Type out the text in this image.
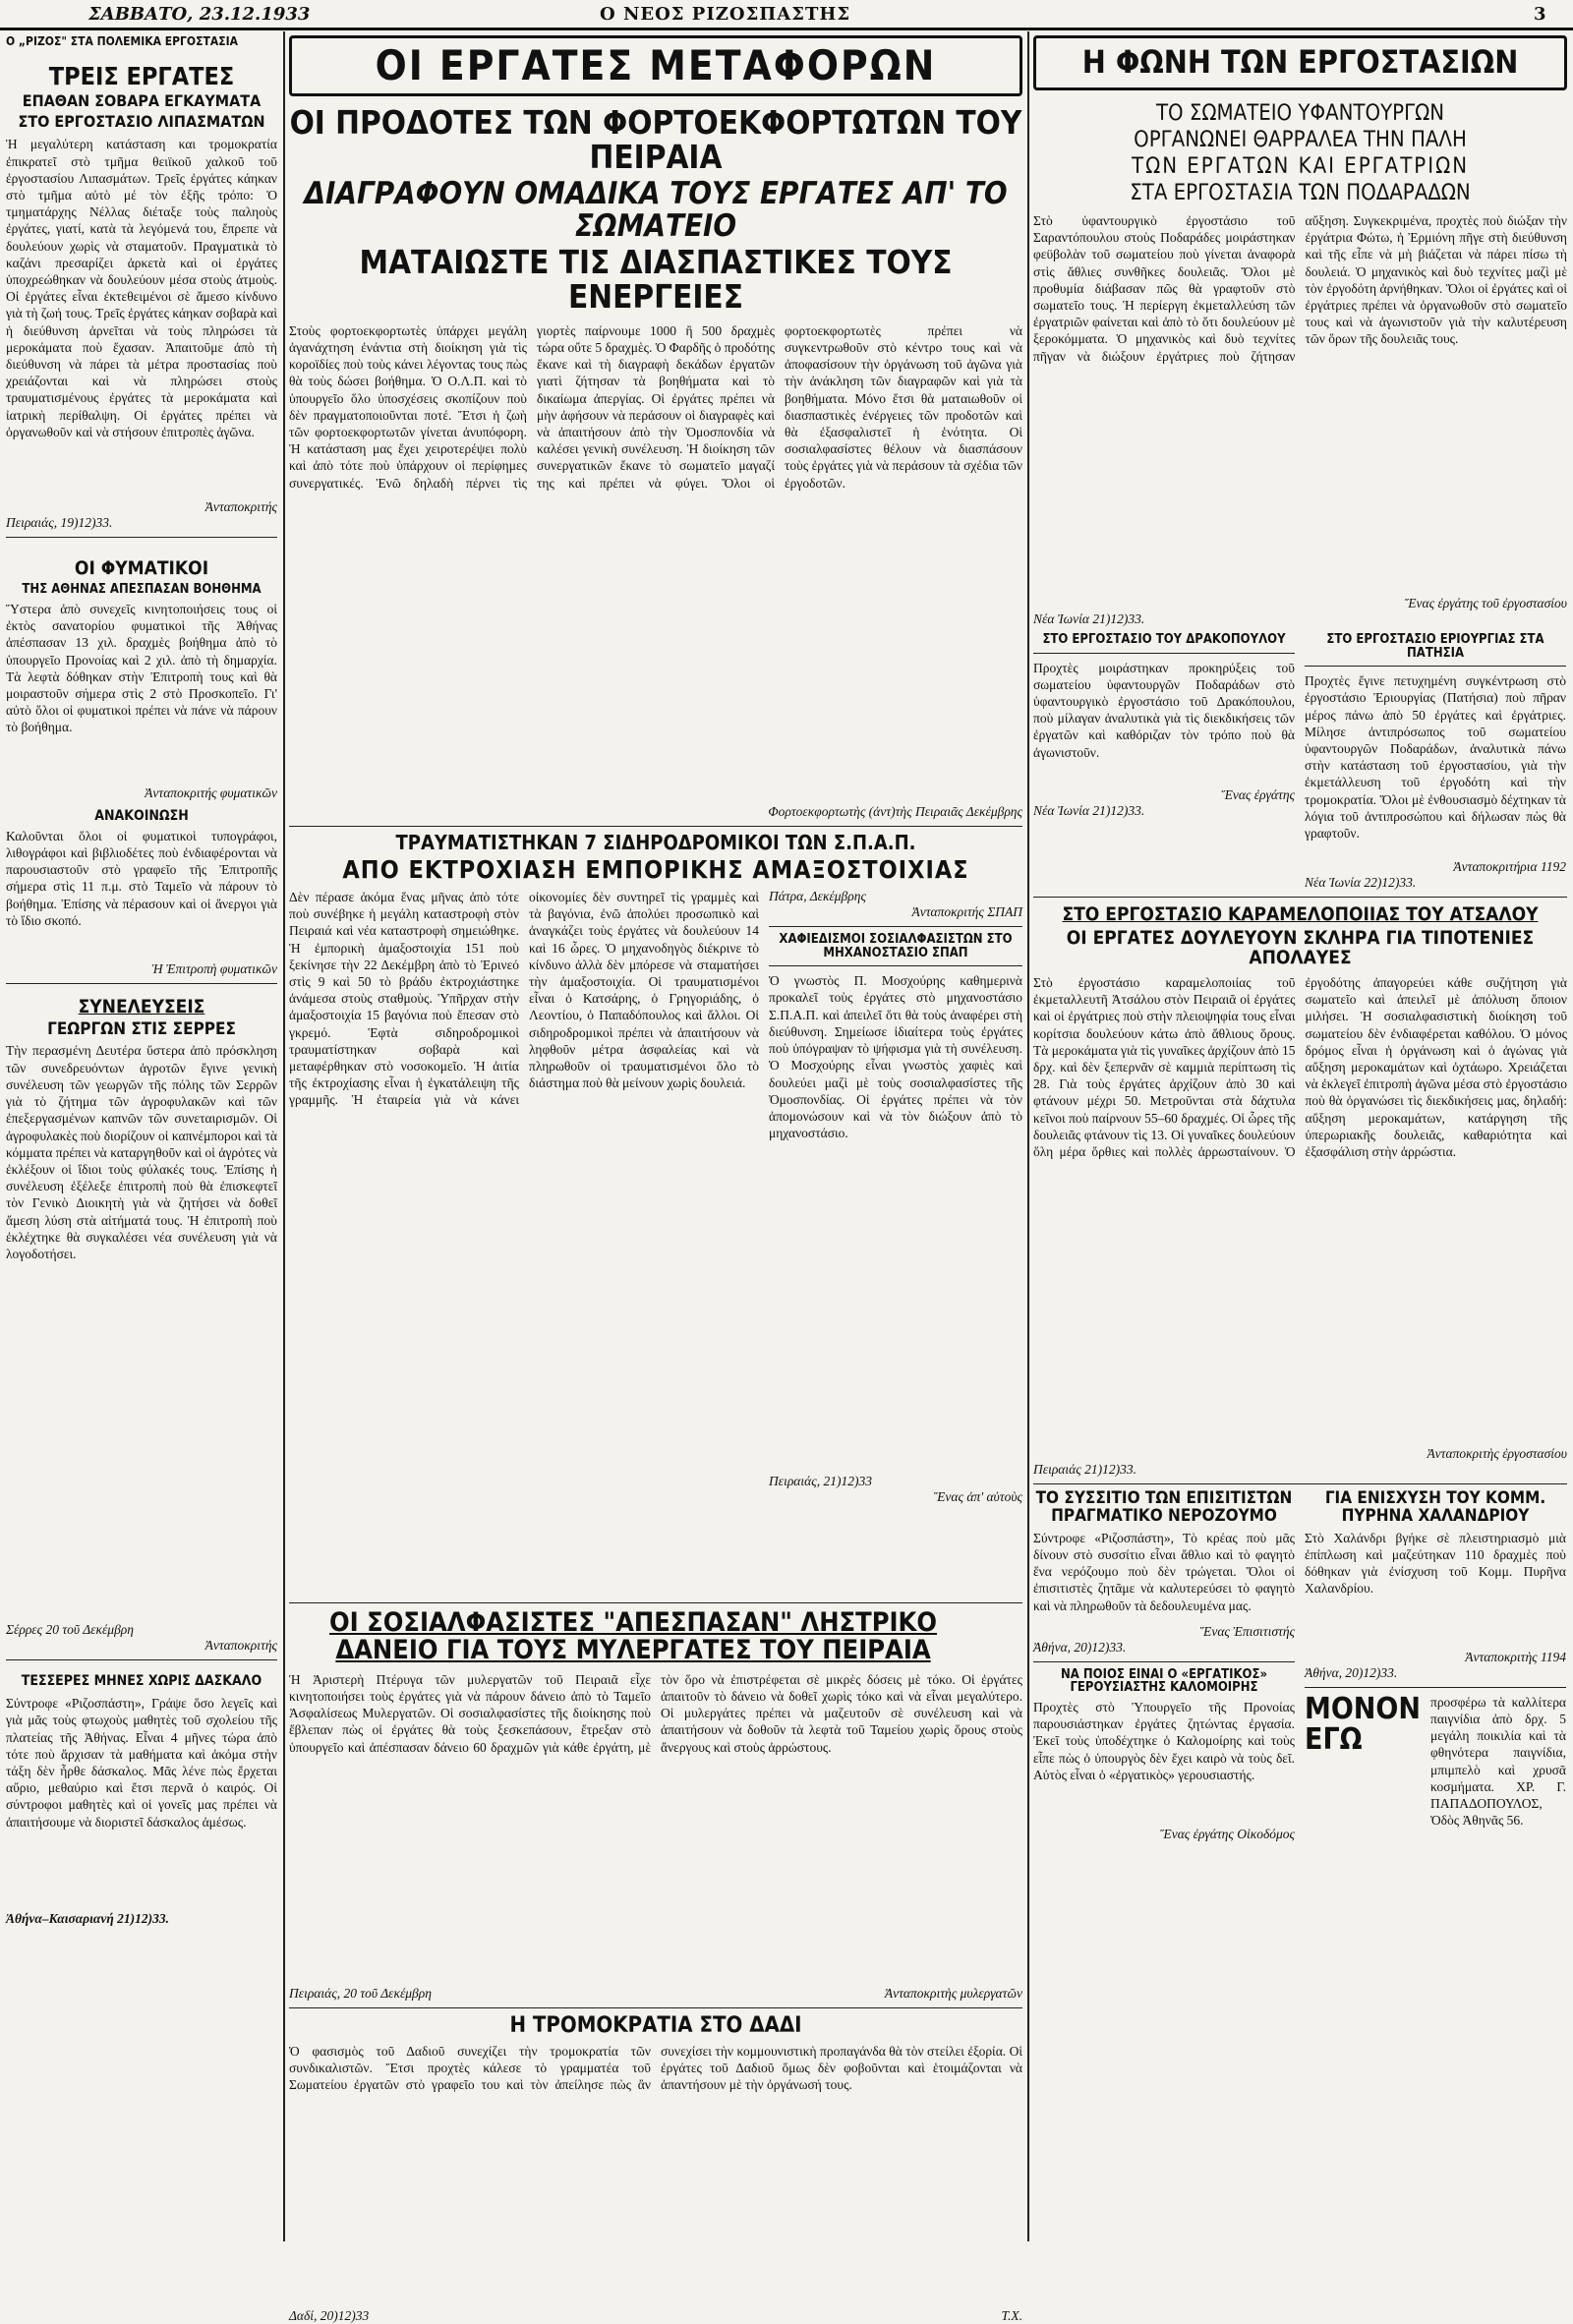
ΣΑΒΒΑΤΟ, 23.12.1933	Ο ΝΕΟΣ ΡΙΖΟΣΠΑΣΤΗΣ	3
Ο „ΡΙΖΟΣ" ΣΤΑ ΠΟΛΕΜΙΚΑ ΕΡΓΟΣΤΑΣΙΑ
ΤΡΕΙΣ ΕΡΓΑΤΕΣ
ΕΠΑΘΑΝ ΣΟΒΑΡΑ ΕΓΚΑΥΜΑΤΑ
ΣΤΟ ΕΡΓΟΣΤΑΣΙΟ ΛΙΠΑΣΜΑΤΩΝ

Ἡ μεγαλύτερη κατάσταση και τρομοκρατία ἐπικρατεῖ στὸ τμῆμα θειϊκοῦ χαλκοῦ τοῦ ἐργοστασίου Λιπασμάτων. Τρεῖς ἐργάτες κάηκαν στὸ τμῆμα αὐτὸ μέ τὸν ἐξῆς τρόπο: Ὁ τμηματάρχης Νέλλας διέταξε τοὺς παληοὺς ἐργάτες, γιατί, κατὰ τὰ λεγόμενά του, ἔπρεπε νὰ δουλεύουν χωρὶς νὰ σταματοῦν. Πραγματικὰ τὸ καζάνι πρεσαρίζει ἀρκετὰ καὶ οἱ ἐργάτες ὑποχρεώθηκαν νὰ δουλεύουν μέσα στοὺς ἀτμοὺς. Οἱ ἐργάτες εἶναι ἐκτεθειμένοι σὲ ἄμεσο κίνδυνο γιὰ τὴ ζωή τους. Τρεῖς ἐργάτες κάηκαν σοβαρὰ καὶ ἡ διεύθυνση ἀρνεῖται νὰ τοὺς πληρώσει τὰ μεροκάματα ποὺ ἔχασαν. Ἀπαιτοῦμε ἀπὸ τὴ διεύθυνση νὰ πάρει τὰ μέτρα προστασίας ποὺ χρειάζονται καὶ νὰ πληρώσει στοὺς τραυματισμένους ἐργάτες τὰ μεροκάματα καὶ ἰατρικὴ περίθαλψη. Οἱ ἐργάτες πρέπει νὰ ὀργανωθοῦν καὶ νὰ στήσουν ἐπιτροπὲς ἀγῶνα.

Ἀνταποκριτής
Πειραιάς, 19)12)33.
ΟΙ ΦΥΜΑΤΙΚΟΙ
ΤΗΣ ΑΘΗΝΑΣ ΑΠΕΣΠΑΣΑΝ ΒΟΗΘΗΜΑ

Ὕστερα ἀπὸ συνεχεῖς κινητοποιήσεις τους οἱ ἐκτὸς σανατορίου φυματικοὶ τῆς Ἀθήνας ἀπέσπασαν 13 χιλ. δραχμὲς βοήθημα ἀπὸ τὸ ὑπουργεῖο Προνοίας καὶ 2 χιλ. ἀπὸ τὴ δημαρχία. Τὰ λεφτὰ δόθηκαν στὴν Ἐπιτροπὴ τους καὶ θὰ μοιραστοῦν σήμερα στὶς 2 στὸ Προσκοπεῖο. Γι' αὐτὸ ὅλοι οἱ φυματικοὶ πρέπει νὰ πάνε νὰ πάρουν τὸ βοήθημα.

Ἀνταποκριτής φυματικῶν
ΑΝΑΚΟΙΝΩΣΗ

Καλοῦνται ὅλοι οἱ φυματικοὶ τυπογράφοι, λιθογράφοι καὶ βιβλιοδέτες ποὺ ἐνδιαφέρονται νὰ παρουσιαστοῦν στὸ γραφεῖο τῆς Ἐπιτροπῆς σήμερα στὶς 11 π.μ. στὸ Ταμεῖο νὰ πάρουν τὸ βοήθημα. Ἐπίσης νὰ πέρασουν καὶ οἱ ἄνεργοι γιὰ τὸ ἴδιο σκοπό.

Ἡ Ἐπιτροπὴ φυματικῶν
ΣΥΝΕΛΕΥΣΕΙΣ
ΓΕΩΡΓΩΝ ΣΤΙΣ ΣΕΡΡΕΣ

Τὴν περασμένη Δευτέρα ὕστερα ἀπὸ πρόσκληση τῶν συνεδρευόντων ἀγροτῶν ἔγινε γενικὴ συνέλευση τῶν γεωργῶν τῆς πόλης τῶν Σερρῶν γιὰ τὸ ζήτημα τῶν ἀγροφυλακῶν καὶ τῶν ἐπεξεργασμένων καπνῶν τῶν συνεταιρισμῶν. Οἱ ἀγροφυλακὲς ποὺ διορίζουν οἱ καπνέμποροι καὶ τὰ κόμματα πρέπει νὰ καταργηθοῦν καὶ οἱ ἀγρότες νὰ ἐκλέξουν οἱ ἴδιοι τοὺς φύλακές τους. Ἐπίσης ἡ συνέλευση ἐξέλεξε ἐπιτροπὴ ποὺ θὰ ἐπισκεφτεῖ τὸν Γενικὸ Διοικητὴ γιὰ νὰ ζητήσει νὰ δοθεῖ ἄμεση λύση στὰ αἰτήματά τους. Ἡ ἐπιτροπὴ ποὺ ἐκλέχτηκε θὰ συγκαλέσει νέα συνέλευση γιὰ νὰ λογοδοτήσει.

Σέρρες 20 τοῦ Δεκέμβρη
Ἀνταποκριτής
ΤΕΣΣΕΡΕΣ ΜΗΝΕΣ ΧΩΡΙΣ ΔΑΣΚΑΛΟ

Σύντροφε «Ριζοσπάστη», Γράψε ὅσο λεγεῖς καὶ γιὰ μᾶς τοὺς φτωχοὺς μαθητὲς τοῦ σχολείου τῆς πλατείας τῆς Ἀθήνας. Εἶναι 4 μῆνες τώρα ἀπὸ τότε ποὺ ἄρχισαν τὰ μαθήματα καὶ ἀκόμα στὴν τάξη δὲν ἦρθε δάσκαλος. Μᾶς λένε πὼς ἔρχεται αὔριο, μεθαύριο καὶ ἔτσι περνᾶ ὁ καιρός. Οἱ σύντροφοι μαθητὲς καὶ οἱ γονεῖς μας πρέπει νὰ ἀπαιτήσουμε νὰ διοριστεῖ δάσκαλος ἀμέσως.

Ἀθήνα–Καισαριανή 21)12)33.
ΟΙ ΕΡΓΑΤΕΣ ΜΕΤΑΦΟΡΩΝ
ΟΙ ΠΡΟΔΟΤΕΣ ΤΩΝ ΦΟΡΤΟΕΚΦΟΡΤΩΤΩΝ ΤΟΥ ΠΕΙΡΑΙΑ
ΔΙΑΓΡΑΦΟΥΝ ΟΜΑΔΙΚΑ ΤΟΥΣ ΕΡΓΑΤΕΣ ΑΠ' ΤΟ ΣΩΜΑΤΕΙΟ
ΜΑΤΑΙΩΣΤΕ ΤΙΣ ΔΙΑΣΠΑΣΤΙΚΕΣ ΤΟΥΣ ΕΝΕΡΓΕΙΕΣ

Στοὺς φορτοεκφορτωτὲς ὑπάρχει μεγάλη ἀγανάχτηση ἐνάντια στὴ διοίκηση γιὰ τὶς κοροϊδίες ποὺ τοὺς κάνει λέγοντας τους πὼς θὰ τοὺς δώσει βοήθημα. Ὁ Ο.Λ.Π. καὶ τὸ ὑπουργεῖο ὅλο ὑποσχέσεις σκοπίζουν ποὺ δὲν πραγματοποιοῦνται ποτέ. Ἔτσι ἡ ζωὴ τῶν φορτοεκφορτωτῶν γίνεται ἀνυπόφορη. Ἡ κατάσταση μας ἔχει χειροτερέψει πολὺ καὶ ἀπὸ τότε ποὺ ὑπάρχουν οἱ περίφημες συνεργατικές. Ἐνῶ δηλαδὴ πέρνει τὶς γιορτὲς παίρνουμε 1000 ἢ 500 δραχμὲς τώρα οὔτε 5 δραχμὲς. Ὁ Φαρδῆς ὁ προδότης ἔκανε καὶ τὴ διαγραφὴ δεκάδων ἐργατῶν γιατὶ ζήτησαν τὰ βοηθήματα καὶ τὸ δικαίωμα ἀπεργίας. Οἱ ἐργάτες πρέπει νὰ μὴν ἀφήσουν νὰ περάσουν οἱ διαγραφὲς καὶ νὰ ἀπαιτήσουν ἀπὸ τὴν Ὀμοσπονδία νὰ καλέσει γενικὴ συνέλευση. Ἡ διοίκηση τῶν συνεργατικῶν ἔκανε τὸ σωματεῖο μαγαζί της καὶ πρέπει νὰ φύγει. Ὅλοι οἱ φορτοεκφορτωτὲς πρέπει νὰ συγκεντρωθοῦν στὸ κέντρο τους καὶ νὰ ἀποφασίσουν τὴν ὀργάνωση τοῦ ἀγῶνα γιὰ τὴν ἀνάκληση τῶν διαγραφῶν καὶ γιὰ τὰ βοηθήματα. Μόνο ἔτσι θὰ ματαιωθοῦν οἱ διασπαστικὲς ἐνέργειες τῶν προδοτῶν καὶ θὰ ἐξασφαλιστεῖ ἡ ἑνότητα. Οἱ σοσιαλφασίστες θέλουν νὰ διασπάσουν τοὺς ἐργάτες γιὰ νὰ περάσουν τὰ σχέδια τῶν ἐργοδοτῶν.

Φορτοεκφορτωτὴς (ἀντ)τὴς Πειραιᾶς Δεκέμβρης
ΤΡΑΥΜΑΤΙΣΤΗΚΑΝ 7 ΣΙΔΗΡΟΔΡΟΜΙΚΟΙ ΤΩΝ Σ.Π.Α.Π.
ΑΠΟ ΕΚΤΡΟΧΙΑΣΗ ΕΜΠΟΡΙΚΗΣ ΑΜΑΞΟΣΤΟΙΧΙΑΣ

Δὲν πέρασε ἀκόμα ἕνας μῆνας ἀπὸ τότε ποὺ συνέβηκε ἡ μεγάλη καταστροφὴ στὸν Πειραιά καὶ νέα καταστροφὴ σημειώθηκε. Ἡ ἐμπορικὴ ἀμαξοστοιχία 151 ποὺ ξεκίνησε τὴν 22 Δεκέμβρη ἀπὸ τὸ Ἐρινεό στὶς 9 καὶ 50 τὸ βράδυ ἐκτροχιάστηκε ἀνάμεσα στοὺς σταθμοὺς. Ὑπῆρχαν στὴν ἀμαξοστοιχία 15 βαγόνια ποὺ ἔπεσαν στὸ γκρεμό. Ἑφτὰ σιδηροδρομικοὶ τραυματίστηκαν σοβαρὰ καὶ μεταφέρθηκαν στὸ νοσοκομεῖο. Ἡ ἀιτία τῆς ἐκτροχίασης εἶναι ἡ ἐγκατάλειψη τῆς γραμμῆς. Ἡ ἐταιρεία γιὰ νὰ κάνει οἰκονομίες δὲν συντηρεῖ τὶς γραμμὲς καὶ τὰ βαγόνια, ἐνῶ ἀπολύει προσωπικὸ καὶ ἀναγκάζει τοὺς ἐργάτες νὰ δουλεύουν 14 καὶ 16 ὧρες. Ὁ μηχανοδηγὸς διέκρινε τὸ κίνδυνο ἀλλὰ δὲν μπόρεσε νὰ σταματήσει τὴν ἀμαξοστοιχία. Οἱ τραυματισμένοι εἶναι ὁ Κατσάρης, ὁ Γρηγοριάδης, ὁ Λεοντίου, ὁ Παπαδόπουλος καὶ ἄλλοι. Οἱ σιδηροδρομικοὶ πρέπει νὰ ἀπαιτήσουν νὰ ληφθοῦν μέτρα ἀσφαλείας καὶ νὰ πληρωθοῦν οἱ τραυματισμένοι ὅλο τὸ διάστημα ποὺ θὰ μείνουν χωρὶς δουλειά.

Πάτρα, Δεκέμβρης
Ἀνταποκριτής ΣΠΑΠ
ΧΑΦΙΕΔΙΣΜΟΙ ΣΟΣΙΑΛΦΑΣΙΣΤΩΝ ΣΤΟ ΜΗΧΑΝΟΣΤΑΣΙΟ ΣΠΑΠ

Ὁ γνωστὸς Π. Μοσχούρης καθημερινὰ προκαλεῖ τοὺς ἐργάτες στὸ μηχανοστάσιο Σ.Π.Α.Π. καὶ ἀπειλεῖ ὅτι θὰ τοὺς ἀναφέρει στὴ διεύθυνση. Σημείωσε ἰδιαίτερα τοὺς ἐργάτες ποὺ ὑπόγραψαν τὸ ψήφισμα γιὰ τὴ συνέλευση. Ὁ Μοσχούρης εἶναι γνωστὸς χαφιὲς καὶ δουλεύει μαζὶ μὲ τοὺς σοσιαλφασίστες τῆς Ὀμοσπονδίας. Οἱ ἐργάτες πρέπει νὰ τὸν ἀπομονώσουν καὶ νὰ τὸν διώξουν ἀπὸ τὸ μηχανοστάσιο.

Πειραιάς, 21)12)33
Ἕνας ἀπ' αὐτοὺς
ΟΙ ΣΟΣΙΑΛΦΑΣΙΣΤΕΣ "ΑΠΕΣΠΑΣΑΝ" ΛΗΣΤΡΙΚΟ ΔΑΝΕΙΟ ΓΙΑ ΤΟΥΣ ΜΥΛΕΡΓΑΤΕΣ ΤΟΥ ΠΕΙΡΑΙΑ

Ἡ Ἀριστερὴ Πτέρυγα τῶν μυλεργατῶν τοῦ Πειραιᾶ εἶχε κινητοποιήσει τοὺς ἐργάτες γιὰ νὰ πάρουν δάνειο ἀπὸ τὸ Ταμεῖο Ἀσφαλίσεως Μυλεργατῶν. Οἱ σοσιαλφασίστες τῆς διοίκησης ποὺ ἔβλεπαν πὼς οἱ ἐργάτες θὰ τοὺς ξεσκεπάσουν, ἔτρεξαν στὸ ὑπουργεῖο καὶ ἀπέσπασαν δάνειο 60 δραχμῶν γιὰ κάθε ἐργάτη, μὲ τὸν ὅρο νὰ ἐπιστρέφεται σὲ μικρὲς δόσεις μὲ τόκο. Οἱ ἐργάτες ἀπαιτοῦν τὸ δάνειο νὰ δοθεῖ χωρὶς τόκο καὶ νὰ εἶναι μεγαλύτερο. Οἱ μυλεργάτες πρέπει νὰ μαζευτοῦν σὲ συνέλευση καὶ νὰ ἀπαιτήσουν νὰ δοθοῦν τὰ λεφτὰ τοῦ Ταμείου χωρὶς ὅρους στοὺς ἄνεργους καὶ στοὺς ἀρρώστους.

Πειραιάς, 20 τοῦ Δεκέμβρη	Ἀνταποκριτὴς μυλεργατῶν
Η ΤΡΟΜΟΚΡΑΤΙΑ ΣΤΟ ΔΑΔΙ

Ὁ φασισμὸς τοῦ Δαδιοῦ συνεχίζει τὴν τρομοκρατία τῶν συνδικαλιστῶν. Ἔτσι προχτὲς κάλεσε τὸ γραμματέα τοῦ Σωματείου ἐργατῶν στὸ γραφεῖο του καὶ τὸν ἀπείλησε πὼς ἂν συνεχίσει τὴν κομμουνιστικὴ προπαγάνδα θὰ τὸν στείλει ἐξορία. Οἱ ἐργάτες τοῦ Δαδιοῦ ὅμως δὲν φοβοῦνται καὶ ἑτοιμάζονται νὰ ἀπαντήσουν μὲ τὴν ὀργάνωσή τους.

Δαδί, 20)12)33	Τ.Χ.
Η ΦΩΝΗ ΤΩΝ ΕΡΓΟΣΤΑΣΙΩΝ
ΤΟ ΣΩΜΑΤΕΙΟ ΥΦΑΝΤΟΥΡΓΩΝ
ΟΡΓΑΝΩΝΕΙ ΘΑΡΡΑΛΕΑ ΤΗΝ ΠΑΛΗ
ΤΩΝ ΕΡΓΑΤΩΝ ΚΑΙ ΕΡΓΑΤΡΙΩΝ
ΣΤΑ ΕΡΓΟΣΤΑΣΙΑ ΤΩΝ ΠΟΔΑΡΑΔΩΝ

Στὸ ὑφαντουργικὸ ἐργοστάσιο τοῦ Σαραντόπουλου στοὺς Ποδαράδες μοιράστηκαν φεϋβολὰν τοῦ σωματείου ποὺ γίνεται ἀναφορὰ στὶς ἄθλιες συνθῆκες δουλειᾶς. Ὅλοι μὲ προθυμία διάβασαν πῶς θὰ γραφτοῦν στὸ σωματεῖο τους. Ἡ περίεργη ἐκμεταλλεύση τῶν ἐργατριῶν φαίνεται καὶ ἀπὸ τὸ ὅτι δουλεύουν μὲ ξεροκόμματα. Ὁ μηχανικὸς καὶ δυὸ τεχνίτες πῆγαν νὰ διώξουν ἐργάτριες ποὺ ζήτησαν αὔξηση. Συγκεκριμένα, προχτὲς ποὺ διώξαν τὴν ἐργάτρια Φώτω, ἡ Ἐρμιόνη πῆγε στὴ διεύθυνση καὶ τῆς εἶπε νὰ μὴ βιάζεται νὰ πάρει πίσω τὴ δουλειά. Ὁ μηχανικὸς καὶ δυὸ τεχνίτες μαζὶ μὲ τὸν ἐργοδότη ἀρνήθηκαν. Ὅλοι οἱ ἐργάτες καὶ οἱ ἐργάτριες πρέπει νὰ ὀργανωθοῦν στὸ σωματεῖο τους καὶ νὰ ἀγωνιστοῦν γιὰ τὴν καλυτέρευση τῶν ὅρων τῆς δουλειᾶς τους.

Ἕνας ἐργάτης τοῦ ἐργοστασίου
Νέα Ἰωνία 21)12)33.
ΣΤΟ ΕΡΓΟΣΤΑΣΙΟ ΤΟΥ ΔΡΑΚΟΠΟΥΛΟΥ

Προχτὲς μοιράστηκαν προκηρύξεις τοῦ σωματείου ὑφαντουργῶν Ποδαράδων στὸ ὑφαντουργικὸ ἐργοστάσιο τοῦ Δρακόπουλου, ποὺ μίλαγαν ἀναλυτικὰ γιὰ τὶς διεκδικήσεις τῶν ἐργατῶν καὶ καθόριζαν τὸν τρόπο ποὺ θὰ ἀγωνιστοῦν.

Ἕνας ἐργάτης
Νέα Ἰωνία 21)12)33.
ΣΤΟ ΕΡΓΟΣΤΑΣΙΟ ΕΡΙΟΥΡΓΙΑΣ ΣΤΑ ΠΑΤΗΣΙΑ

Προχτὲς ἔγινε πετυχημένη συγκέντρωση στὸ ἐργοστάσιο Ἐριουργίας (Πατήσια) ποὺ πῆραν μέρος πάνω ἀπὸ 50 ἐργάτες καὶ ἐργάτριες. Μίλησε ἀντιπρόσωπος τοῦ σωματείου ὑφαντουργῶν Ποδαράδων, ἀναλυτικὰ πάνω στὴν κατάσταση τοῦ ἐργοστασίου, γιὰ τὴν ἐκμετάλλευση τοῦ ἐργοδότη καὶ τὴν τρομοκρατία. Ὅλοι μὲ ἐνθουσιασμὸ δέχτηκαν τὰ λόγια τοῦ ἀντιπροσώπου καὶ δήλωσαν πὼς θὰ γραφτοῦν.

Ἀνταποκριτήρια 1192
Νέα Ἰωνία 22)12)33.
ΣΤΟ ΕΡΓΟΣΤΑΣΙΟ ΚΑΡΑΜΕΛΟΠΟΙΙΑΣ ΤΟΥ ΑΤΣΑΛΟΥ
ΟΙ ΕΡΓΑΤΕΣ ΔΟΥΛΕΥΟΥΝ ΣΚΛΗΡΑ ΓΙΑ ΤΙΠΟΤΕΝΙΕΣ ΑΠΟΛΑΥΕΣ

Στὸ ἐργοστάσιο καραμελοποιίας τοῦ ἐκμεταλλευτῆ Ἀτσάλου στὸν Πειραιᾶ οἱ ἐργάτες καὶ οἱ ἐργάτριες ποὺ στὴν πλειοψηφία τους εἶναι κορίτσια δουλεύουν κάτω ἀπὸ ἄθλιους ὅρους. Τὰ μεροκάματα γιὰ τὶς γυναῖκες ἀρχίζουν ἀπὸ 15 δρχ. καὶ δὲν ξεπερνᾶν σὲ καμμιὰ περίπτωση τὶς 28. Γιὰ τοὺς ἐργάτες ἀρχίζουν ἀπὸ 30 καὶ φτάνουν μέχρι 50. Μετροῦνται στὰ δάχτυλα κεῖνοι ποὺ παίρνουν 55–60 δραχμές. Οἱ ὧρες τῆς δουλειᾶς φτάνουν τὶς 13. Οἱ γυναῖκες δουλεύουν ὅλη μέρα ὄρθιες καὶ πολλὲς ἀρρωσταίνουν. Ὁ ἐργοδότης ἀπαγορεύει κάθε συζήτηση γιὰ σωματεῖο καὶ ἀπειλεῖ μὲ ἀπόλυση ὅποιον μιλήσει. Ἡ σοσιαλφασιστικὴ διοίκηση τοῦ σωματείου δὲν ἐνδιαφέρεται καθόλου. Ὁ μόνος δρόμος εἶναι ἡ ὀργάνωση καὶ ὁ ἀγώνας γιὰ αὔξηση μεροκαμάτων καὶ ὀχτάωρο. Χρειάζεται νὰ ἐκλεγεῖ ἐπιτροπὴ ἀγῶνα μέσα στὸ ἐργοστάσιο ποὺ θὰ ὀργανώσει τὶς διεκδικήσεις μας, δηλαδή: αὔξηση μεροκαμάτων, κατάργηση τῆς ὑπερωριακῆς δουλειᾶς, καθαριότητα καὶ ἐξασφάλιση στὴν ἀρρώστια.

Ἀνταποκριτὴς ἐργοστασίου
Πειραιάς 21)12)33.
ΤΟ ΣΥΣΣΙΤΙΟ ΤΩΝ ΕΠΙΣΙΤΙΣΤΩΝ ΠΡΑΓΜΑΤΙΚΟ ΝΕΡΟΖΟΥΜΟ

Σύντροφε «Ριζοσπάστη», Τὸ κρέας ποὺ μᾶς δίνουν στὸ συσσίτιο εἶναι ἄθλιο καὶ τὸ φαγητὸ ἕνα νερόζουμο ποὺ δὲν τρώγεται. Ὅλοι οἱ ἐπισιτιστὲς ζητᾶμε νὰ καλυτερεύσει τὸ φαγητὸ καὶ νὰ πληρωθοῦν τὰ δεδουλευμένα μας.

Ἕνας Ἐπισιτιστής
Ἀθήνα, 20)12)33.
ΝΑ ΠΟΙΟΣ ΕΙΝΑΙ Ο «ΕΡΓΑΤΙΚΟΣ» ΓΕΡΟΥΣΙΑΣΤΗΣ ΚΑΛΟΜΟΙΡΗΣ

Προχτὲς στὸ Ὑπουργεῖο τῆς Προνοίας παρουσιάστηκαν ἐργάτες ζητώντας ἐργασία. Ἐκεῖ τοὺς ὑποδέχτηκε ὁ Καλομοίρης καὶ τοὺς εἶπε πὼς ὁ ὑπουργὸς δὲν ἔχει καιρὸ νὰ τοὺς δεῖ. Αὐτὸς εἶναι ὁ «ἐργατικὸς» γερουσιαστής.

Ἕνας ἐργάτης Οἰκοδόμος
ΓΙΑ ΕΝΙΣΧΥΣΗ ΤΟΥ ΚΟΜΜ. ΠΥΡΗΝΑ ΧΑΛΑΝΔΡΙΟΥ

Στὸ Χαλάνδρι βγήκε σὲ πλειστηριασμὸ μιὰ ἐπίπλωση καὶ μαζεύτηκαν 110 δραχμὲς ποὺ δόθηκαν γιὰ ἐνίσχυση τοῦ Κομμ. Πυρῆνα Χαλανδρίου.

Ἀνταποκριτὴς 1194
Ἀθήνα, 20)12)33.
ΜΟΝΟΝ ΕΓΩ

προσφέρω τὰ καλλίτερα παιγνίδια ἀπὸ δρχ. 5 μεγάλη ποικιλία καὶ τὰ φθηνότερα παιγνίδια, μπιμπελὸ καὶ χρυσᾶ κοσμήματα. ΧΡ. Γ. ΠΑΠΑΔΟΠΟΥΛΟΣ, Ὀδὸς Ἀθηνᾶς 56.
